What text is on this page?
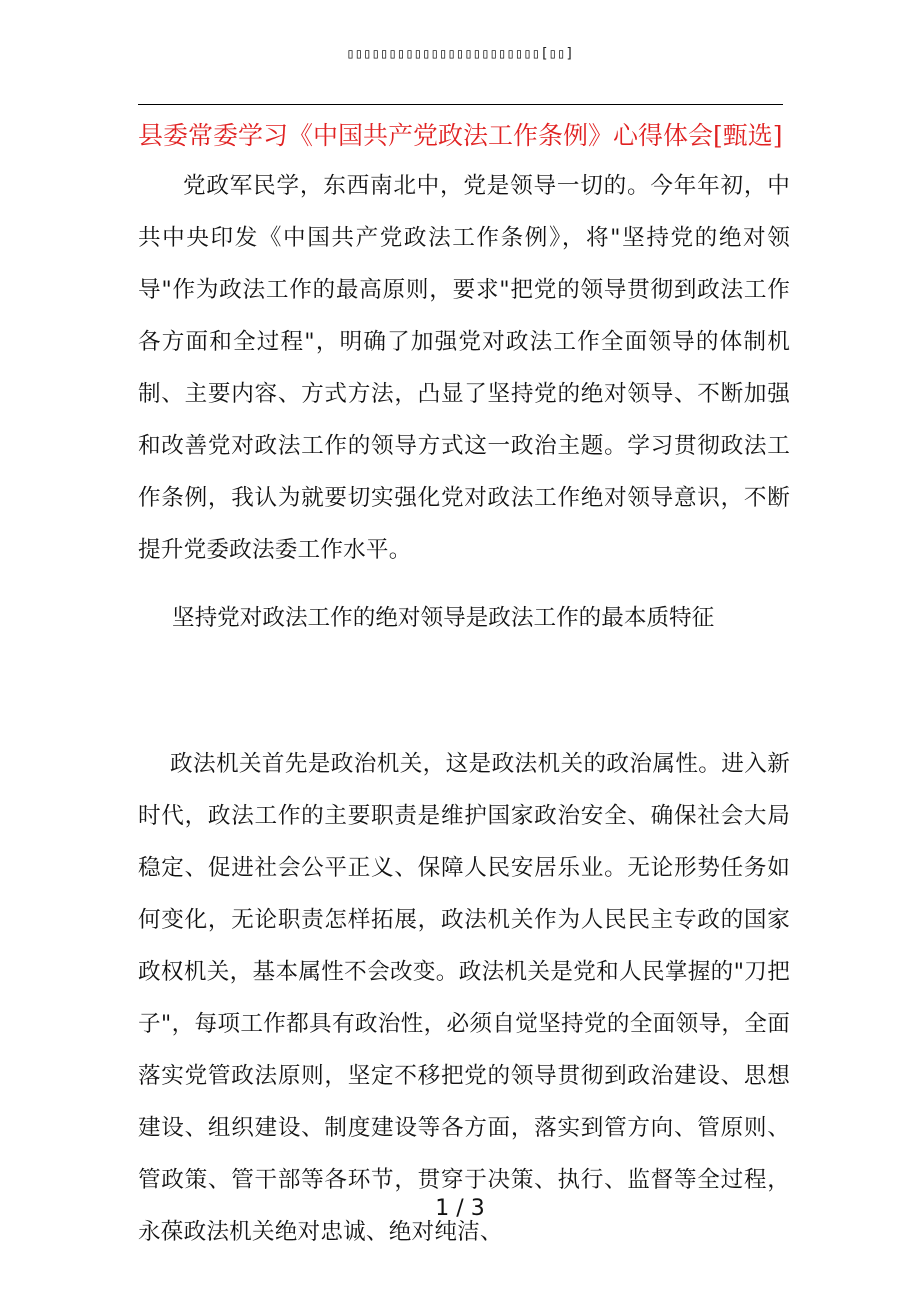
▯▯▯▯▯▯▯▯▯▯▯▯▯▯▯▯▯▯▯▯▯▯▯[▯▯]
县委常委学习《中国共产党政法工作条例》心得体会[甄选]

党政军民学，东西南北中，党是领导一切的。今年年初，中共中央印发《中国共产党政法工作条例》，将"坚持党的绝对领导"作为政法工作的最高原则，要求"把党的领导贯彻到政法工作各方面和全过程"，明确了加强党对政法工作全面领导的体制机制、主要内容、方式方法，凸显了坚持党的绝对领导、不断加强和改善党对政法工作的领导方式这一政治主题。学习贯彻政法工作条例，我认为就要切实强化党对政法工作绝对领导意识，不断提升党委政法委工作水平。

坚持党对政法工作的绝对领导是政法工作的最本质特征

政法机关首先是政治机关，这是政法机关的政治属性。进入新时代，政法工作的主要职责是维护国家政治安全、确保社会大局稳定、促进社会公平正义、保障人民安居乐业。无论形势任务如何变化，无论职责怎样拓展，政法机关作为人民民主专政的国家政权机关，基本属性不会改变。政法机关是党和人民掌握的"刀把子"，每项工作都具有政治性，必须自觉坚持党的全面领导，全面落实党管政法原则，坚定不移把党的领导贯彻到政治建设、思想建设、组织建设、制度建设等各方面，落实到管方向、管原则、管政策、管干部等各环节，贯穿于决策、执行、监督等全过程，永葆政法机关绝对忠诚、绝对纯洁、

1 / 3
